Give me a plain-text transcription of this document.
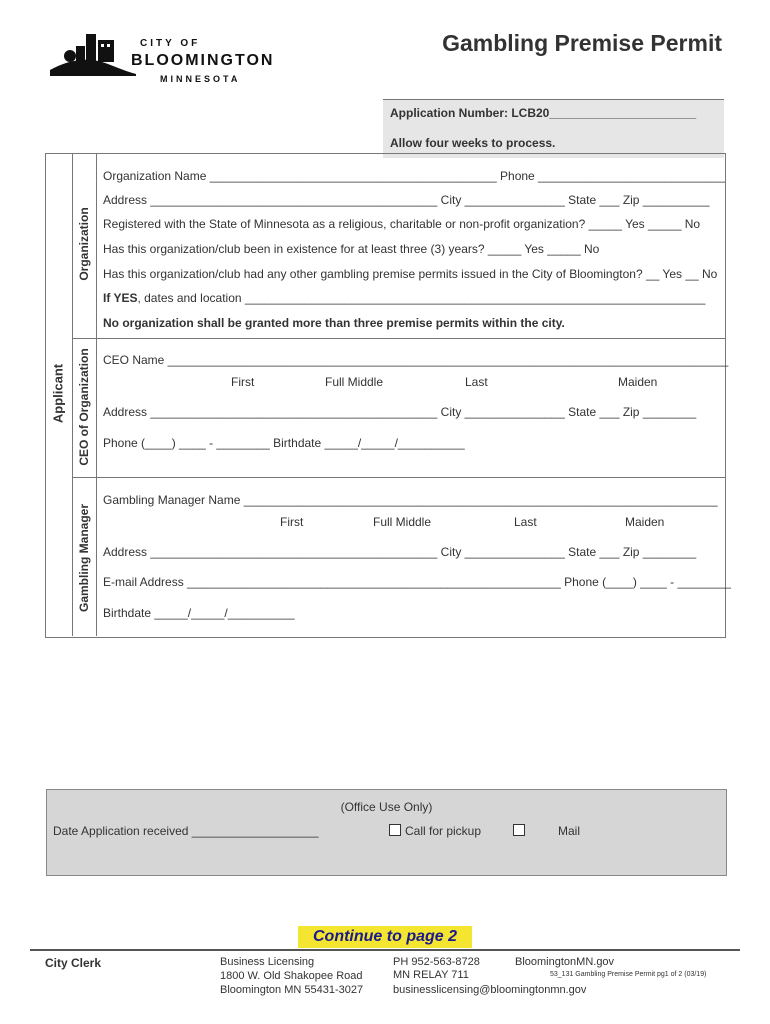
CITY OF
BLOOMINGTON
MINNESOTA
Gambling Premise Permit
Application Number: LCB20______________________
Allow four weeks to process.
Applicant
Organization
CEO of Organization
Gambling Manager
Organization Name ___________________________________________ Phone ____________________________
Address ___________________________________________ City _______________ State ___ Zip __________
Registered with the State of Minnesota as a religious, charitable or non-profit organization? _____ Yes _____ No
Has this organization/club been in existence for at least three (3) years? _____ Yes _____ No
Has this organization/club had any other gambling premise permits issued in the City of Bloomington? __ Yes __ No
If YES, dates and location _____________________________________________________________________
No organization shall be granted more than three premise permits within the city.
CEO Name ____________________________________________________________________________________
First	Full Middle	Last	Maiden
Address ___________________________________________ City _______________ State ___ Zip ________
Phone (____) ____ - ________ Birthdate _____/_____/__________
Gambling Manager Name _______________________________________________________________________
First	Full Middle	Last	Maiden
Address ___________________________________________ City _______________ State ___ Zip ________
E-mail Address ________________________________________________________ Phone (____) ____ - ________
Birthdate _____/_____/__________
(Office Use Only)
Date Application received ___________________	Call for pickup	Mail
Continue to page 2
City Clerk	Business Licensing
1800 W. Old Shakopee Road
Bloomington MN 55431-3027
PH 952-563-8728
MN RELAY 711
businesslicensing@bloomingtonmn.gov
BloomingtonMN.gov
53_131 Gambling Premise Permit pg1 of 2 (03/19)
